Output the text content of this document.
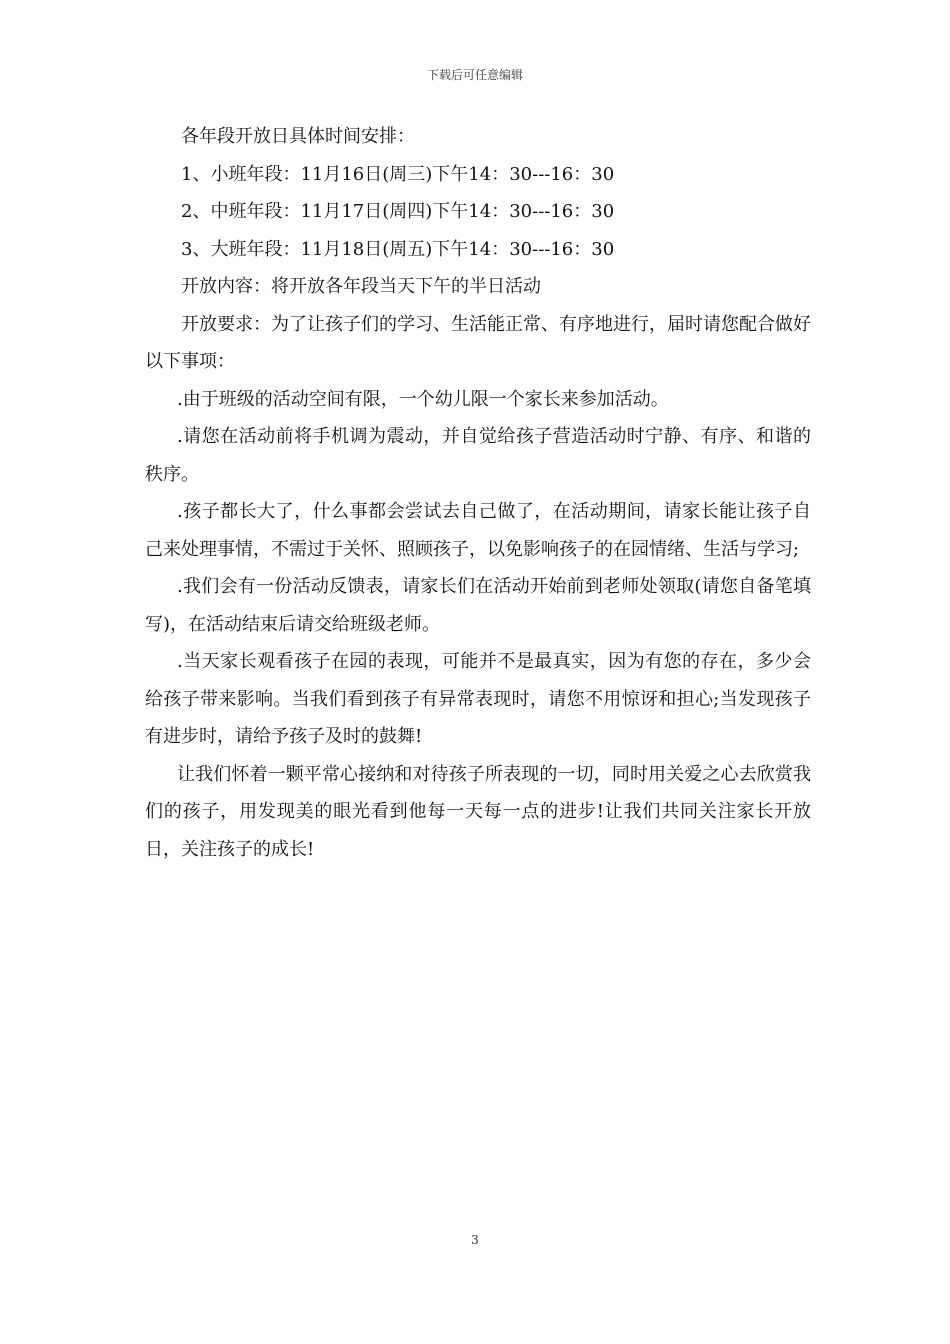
下载后可任意编辑

各年段开放日具体时间安排：

1、小班年段：11月16日(周三)下午14：30---16：30

2、中班年段：11月17日(周四)下午14：30---16：30

3、大班年段：11月18日(周五)下午14：30---16：30

开放内容：将开放各年段当天下午的半日活动

开放要求：为了让孩子们的学习、生活能正常、有序地进行，届时请您配合做好以下事项：

.由于班级的活动空间有限，一个幼儿限一个家长来参加活动。

.请您在活动前将手机调为震动，并自觉给孩子营造活动时宁静、有序、和谐的秩序。

.孩子都长大了，什么事都会尝试去自己做了，在活动期间，请家长能让孩子自己来处理事情，不需过于关怀、照顾孩子，以免影响孩子的在园情绪、生活与学习;

.我们会有一份活动反馈表，请家长们在活动开始前到老师处领取(请您自备笔填写)，在活动结束后请交给班级老师。

.当天家长观看孩子在园的表现，可能并不是最真实，因为有您的存在，多少会给孩子带来影响。当我们看到孩子有异常表现时，请您不用惊讶和担心;当发现孩子有进步时，请给予孩子及时的鼓舞!

让我们怀着一颗平常心接纳和对待孩子所表现的一切，同时用关爱之心去欣赏我们的孩子，用发现美的眼光看到他每一天每一点的进步!让我们共同关注家长开放日，关注孩子的成长!

3
